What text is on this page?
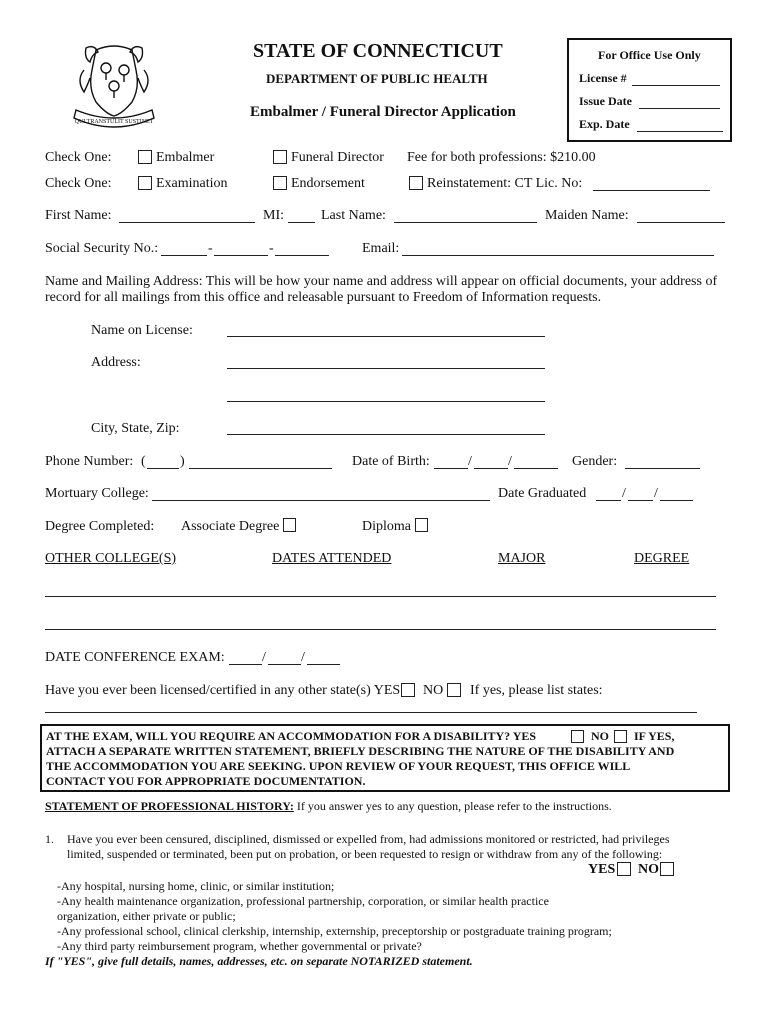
QUI TRANSTULIT SUSTINET
STATE OF CONNECTICUT
DEPARTMENT OF PUBLIC HEALTH
Embalmer / Funeral Director Application
For Office Use Only
License #
Issue Date
Exp. Date
Check One:	Embalmer	Funeral Director Fee for both professions: $210.00
Check One:	Examination	Endorsement	Reinstatement: CT Lic. No:
First Name:	MI:	Last Name:	Maiden Name:
Social Security No.:	-	-	Email:
Name and Mailing Address: This will be how your name and address will appear on official documents, your address of
record for all mailings from this office and releasable pursuant to Freedom of Information requests.
Name on License:
Address:
City, State, Zip:
Phone Number: ( )	Date of Birth:	/	/	Gender:
Mortuary College:	Date Graduated	/ /
Degree Completed: Associate Degree	Diploma
OTHER COLLEGE(S)	DATES ATTENDED	MAJOR	DEGREE
DATE CONFERENCE EXAM:	/	/
Have you ever been licensed/certified in any other state(s) YES NO If yes, please list states:
AT THE EXAM, WILL YOU REQUIRE AN ACCOMMODATION FOR A DISABILITY? YES	NO IF YES,
ATTACH A SEPARATE WRITTEN STATEMENT, BRIEFLY DESCRIBING THE NATURE OF THE DISABILITY AND
THE ACCOMMODATION YOU ARE SEEKING. UPON REVIEW OF YOUR REQUEST, THIS OFFICE WILL
CONTACT YOU FOR APPROPRIATE DOCUMENTATION.
STATEMENT OF PROFESSIONAL HISTORY: If you answer yes to any question, please refer to the instructions.
1. Have you ever been censured, disciplined, dismissed or expelled from, had admissions monitored or restricted, had privileges
limited, suspended or terminated, been put on probation, or been requested to resign or withdraw from any of the following:
YES NO
-Any hospital, nursing home, clinic, or similar institution;
-Any health maintenance organization, professional partnership, corporation, or similar health practice
organization, either private or public;
-Any professional school, clinical clerkship, internship, externship, preceptorship or postgraduate training program;
-Any third party reimbursement program, whether governmental or private?
If "YES", give full details, names, addresses, etc. on separate NOTARIZED statement.
